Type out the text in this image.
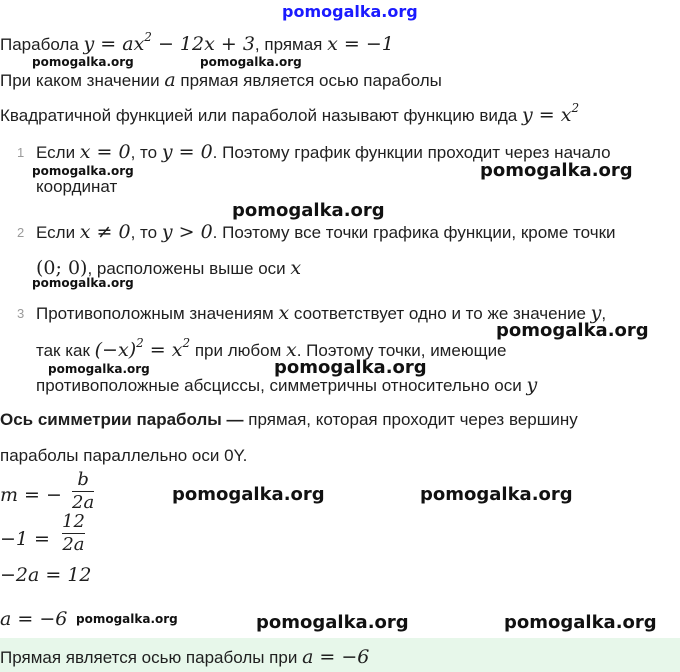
pomogalka.org
Парабола $y = ax^2 - 12x + 3$, прямая x = −1
pomogalka.org	pomogalka.org
При каком значении a прямая является осью параболы
Квадратичной функцией или параболой называют функцию вида $y = x^2$
1 Если x = 0, то y = 0. Поэтому график функции проходит через начало
pomogalka.org	pomogalka.org
координат
pomogalka.org
2 Если x ≠ 0, то y > 0. Поэтому все точки графика функции, кроме точки
(0; 0), расположены выше оси x
pomogalka.org
3 Противоположным значениям x соответствует одно и то же значение y,
pomogalka.org
так как $(-x)^2 = x^2$ при любом x. Поэтому точки, имеющие
pomogalka.org	pomogalka.org
противоположные абсциссы, симметричны относительно оси y
Ось симметрии параболы — прямая, которая проходит через вершину
параболы параллельно оси 0Y.
m = −
b
2a	pomogalka.org	pomogalka.org
−1 =
12
2a
−2a = 12
a = −6 pomogalka.org	pomogalka.org	pomogalka.org
Прямая является осью параболы при a = −6
